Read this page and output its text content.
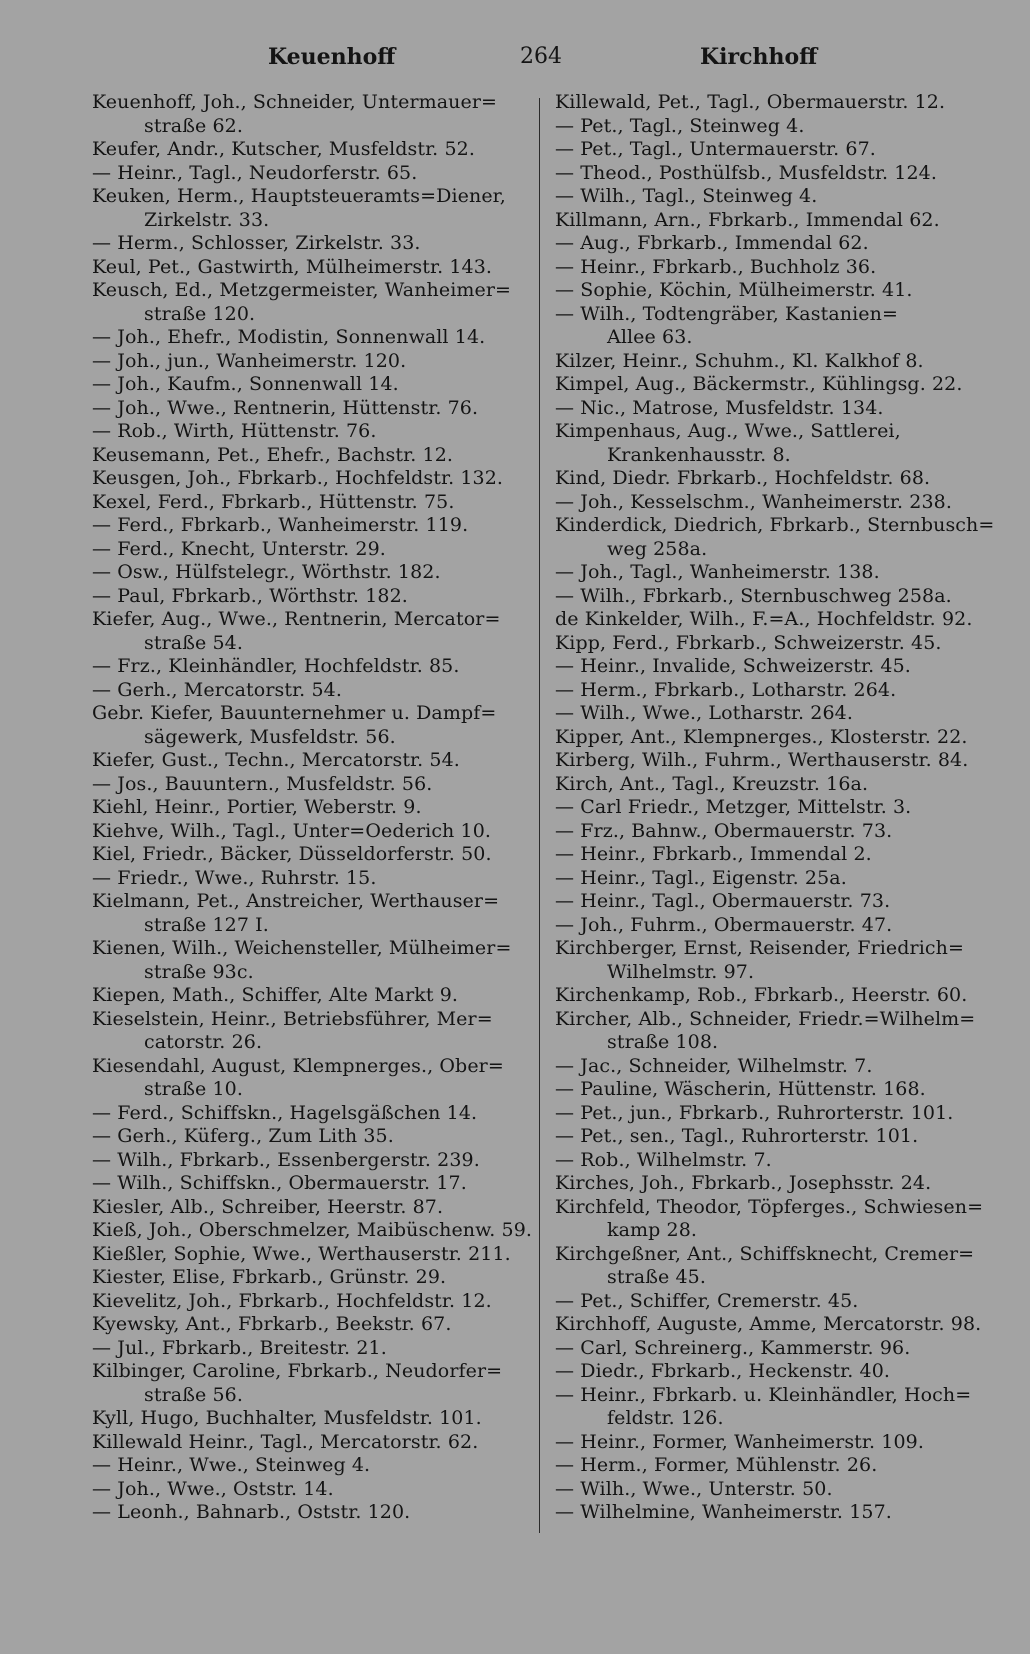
Keuenhoff	264	Kirchhoff
Keuenhoff, Joh., Schneider, Untermauer=
straße 62.
Keufer, Andr., Kutscher, Musfeldstr. 52.
— Heinr., Tagl., Neudorferstr. 65.
Keuken, Herm., Hauptsteueramts=Diener,
Zirkelstr. 33.
— Herm., Schlosser, Zirkelstr. 33.
Keul, Pet., Gastwirth, Mülheimerstr. 143.
Keusch, Ed., Metzgermeister, Wanheimer=
straße 120.
— Joh., Ehefr., Modistin, Sonnenwall 14.
— Joh., jun., Wanheimerstr. 120.
— Joh., Kaufm., Sonnenwall 14.
— Joh., Wwe., Rentnerin, Hüttenstr. 76.
— Rob., Wirth, Hüttenstr. 76.
Keusemann, Pet., Ehefr., Bachstr. 12.
Keusgen, Joh., Fbrkarb., Hochfeldstr. 132.
Kexel, Ferd., Fbrkarb., Hüttenstr. 75.
— Ferd., Fbrkarb., Wanheimerstr. 119.
— Ferd., Knecht, Unterstr. 29.
— Osw., Hülfstelegr., Wörthstr. 182.
— Paul, Fbrkarb., Wörthstr. 182.
Kiefer, Aug., Wwe., Rentnerin, Mercator=
straße 54.
— Frz., Kleinhändler, Hochfeldstr. 85.
— Gerh., Mercatorstr. 54.
Gebr. Kiefer, Bauunternehmer u. Dampf=
sägewerk, Musfeldstr. 56.
Kiefer, Gust., Techn., Mercatorstr. 54.
— Jos., Bauuntern., Musfeldstr. 56.
Kiehl, Heinr., Portier, Weberstr. 9.
Kiehve, Wilh., Tagl., Unter=Oederich 10.
Kiel, Friedr., Bäcker, Düsseldorferstr. 50.
— Friedr., Wwe., Ruhrstr. 15.
Kielmann, Pet., Anstreicher, Werthauser=
straße 127 I.
Kienen, Wilh., Weichensteller, Mülheimer=
straße 93c.
Kiepen, Math., Schiffer, Alte Markt 9.
Kieselstein, Heinr., Betriebsführer, Mer=
catorstr. 26.
Kiesendahl, August, Klempnerges., Ober=
straße 10.
— Ferd., Schiffskn., Hagelsgäßchen 14.
— Gerh., Küferg., Zum Lith 35.
— Wilh., Fbrkarb., Essenbergerstr. 239.
— Wilh., Schiffskn., Obermauerstr. 17.
Kiesler, Alb., Schreiber, Heerstr. 87.
Kieß, Joh., Oberschmelzer, Maibüschenw. 59.
Kießler, Sophie, Wwe., Werthauserstr. 211.
Kiester, Elise, Fbrkarb., Grünstr. 29.
Kievelitz, Joh., Fbrkarb., Hochfeldstr. 12.
Kyewsky, Ant., Fbrkarb., Beekstr. 67.
— Jul., Fbrkarb., Breitestr. 21.
Kilbinger, Caroline, Fbrkarb., Neudorfer=
straße 56.
Kyll, Hugo, Buchhalter, Musfeldstr. 101.
Killewald Heinr., Tagl., Mercatorstr. 62.
— Heinr., Wwe., Steinweg 4.
— Joh., Wwe., Oststr. 14.
— Leonh., Bahnarb., Oststr. 120.
Killewald, Pet., Tagl., Obermauerstr. 12.
— Pet., Tagl., Steinweg 4.
— Pet., Tagl., Untermauerstr. 67.
— Theod., Posthülfsb., Musfeldstr. 124.
— Wilh., Tagl., Steinweg 4.
Killmann, Arn., Fbrkarb., Immendal 62.
— Aug., Fbrkarb., Immendal 62.
— Heinr., Fbrkarb., Buchholz 36.
— Sophie, Köchin, Mülheimerstr. 41.
— Wilh., Todtengräber, Kastanien=
Allee 63.
Kilzer, Heinr., Schuhm., Kl. Kalkhof 8.
Kimpel, Aug., Bäckermstr., Kühlingsg. 22.
— Nic., Matrose, Musfeldstr. 134.
Kimpenhaus, Aug., Wwe., Sattlerei,
Krankenhausstr. 8.
Kind, Diedr. Fbrkarb., Hochfeldstr. 68.
— Joh., Kesselschm., Wanheimerstr. 238.
Kinderdick, Diedrich, Fbrkarb., Sternbusch=
weg 258a.
— Joh., Tagl., Wanheimerstr. 138.
— Wilh., Fbrkarb., Sternbuschweg 258a.
de Kinkelder, Wilh., F.=A., Hochfeldstr. 92.
Kipp, Ferd., Fbrkarb., Schweizerstr. 45.
— Heinr., Invalide, Schweizerstr. 45.
— Herm., Fbrkarb., Lotharstr. 264.
— Wilh., Wwe., Lotharstr. 264.
Kipper, Ant., Klempnerges., Klosterstr. 22.
Kirberg, Wilh., Fuhrm., Werthauserstr. 84.
Kirch, Ant., Tagl., Kreuzstr. 16a.
— Carl Friedr., Metzger, Mittelstr. 3.
— Frz., Bahnw., Obermauerstr. 73.
— Heinr., Fbrkarb., Immendal 2.
— Heinr., Tagl., Eigenstr. 25a.
— Heinr., Tagl., Obermauerstr. 73.
— Joh., Fuhrm., Obermauerstr. 47.
Kirchberger, Ernst, Reisender, Friedrich=
Wilhelmstr. 97.
Kirchenkamp, Rob., Fbrkarb., Heerstr. 60.
Kircher, Alb., Schneider, Friedr.=Wilhelm=
straße 108.
— Jac., Schneider, Wilhelmstr. 7.
— Pauline, Wäscherin, Hüttenstr. 168.
— Pet., jun., Fbrkarb., Ruhrorterstr. 101.
— Pet., sen., Tagl., Ruhrorterstr. 101.
— Rob., Wilhelmstr. 7.
Kirches, Joh., Fbrkarb., Josephsstr. 24.
Kirchfeld, Theodor, Töpferges., Schwiesen=
kamp 28.
Kirchgeßner, Ant., Schiffsknecht, Cremer=
straße 45.
— Pet., Schiffer, Cremerstr. 45.
Kirchhoff, Auguste, Amme, Mercatorstr. 98.
— Carl, Schreinerg., Kammerstr. 96.
— Diedr., Fbrkarb., Heckenstr. 40.
— Heinr., Fbrkarb. u. Kleinhändler, Hoch=
feldstr. 126.
— Heinr., Former, Wanheimerstr. 109.
— Herm., Former, Mühlenstr. 26.
— Wilh., Wwe., Unterstr. 50.
— Wilhelmine, Wanheimerstr. 157.
